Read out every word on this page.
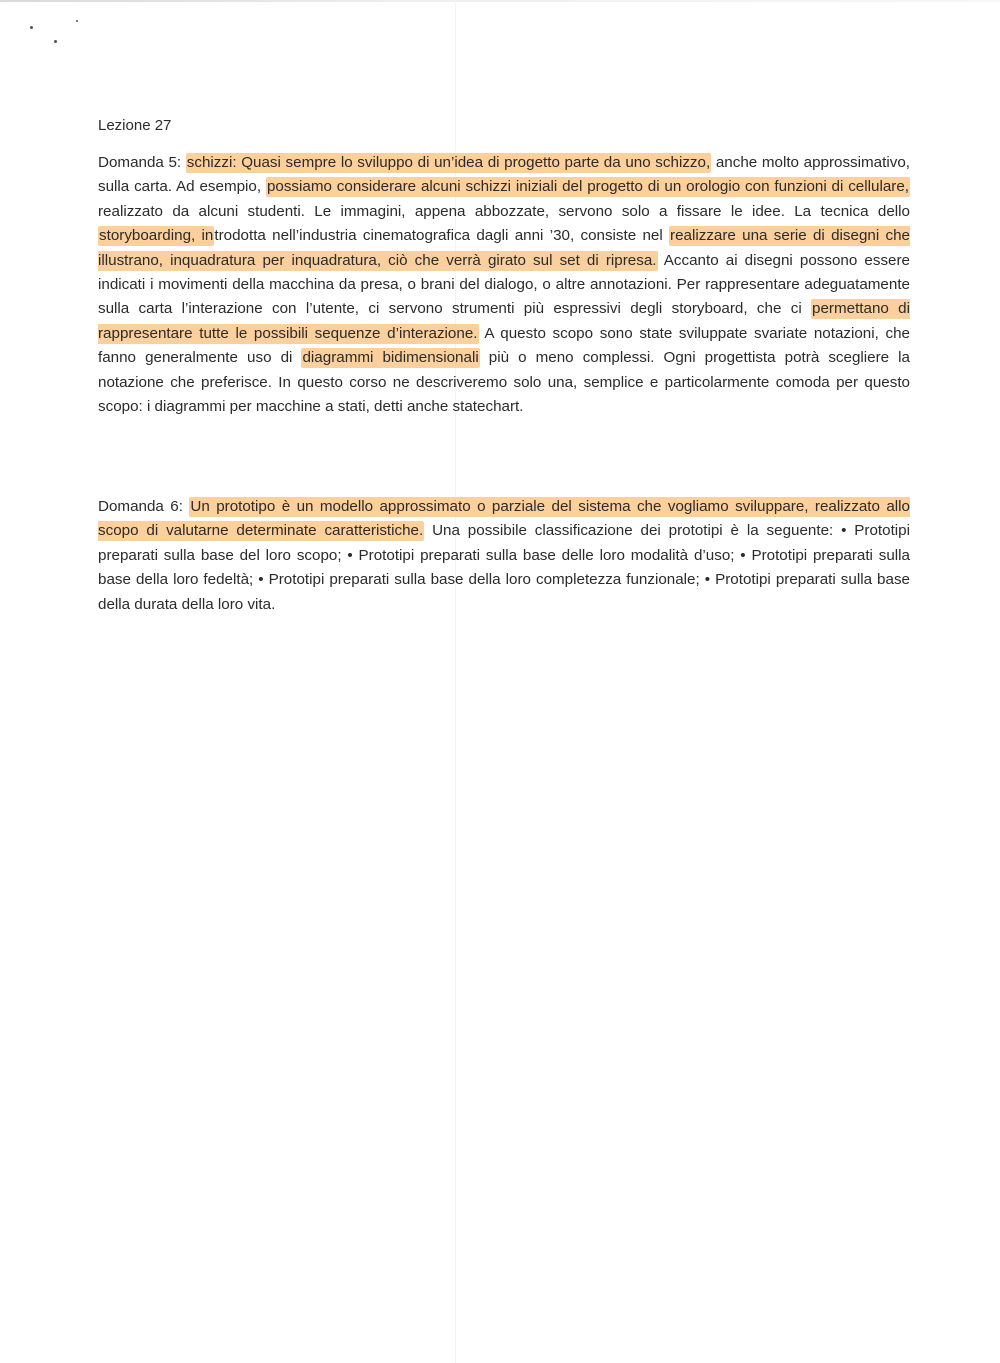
Lezione 27

Domanda 5: schizzi: Quasi sempre lo sviluppo di un’idea di progetto parte da uno schizzo, anche molto approssimativo, sulla carta. Ad esempio, possiamo considerare alcuni schizzi iniziali del progetto di un orologio con funzioni di cellulare, realizzato da alcuni studenti. Le immagini, appena abbozzate, servono solo a fissare le idee. La tecnica dello storyboarding, introdotta nell’industria cinematografica dagli anni ’30, consiste nel realizzare una serie di disegni che illustrano, inquadratura per inquadratura, ciò che verrà girato sul set di ripresa. Accanto ai disegni possono essere indicati i movimenti della macchina da presa, o brani del dialogo, o altre annotazioni. Per rappresentare adeguatamente sulla carta l’interazione con l’utente, ci servono strumenti più espressivi degli storyboard, che ci permettano di rappresentare tutte le possibili sequenze d’interazione. A questo scopo sono state sviluppate svariate notazioni, che fanno generalmente uso di diagrammi bidimensionali più o meno complessi. Ogni progettista potrà scegliere la notazione che preferisce. In questo corso ne descriveremo solo una, semplice e particolarmente comoda per questo scopo: i diagrammi per macchine a stati, detti anche statechart.

Domanda 6: Un prototipo è un modello approssimato o parziale del sistema che vogliamo sviluppare, realizzato allo scopo di valutarne determinate caratteristiche. Una possibile classificazione dei prototipi è la seguente: • Prototipi preparati sulla base del loro scopo; • Prototipi preparati sulla base delle loro modalità d’uso; • Prototipi preparati sulla base della loro fedeltà; • Prototipi preparati sulla base della loro completezza funzionale; • Prototipi preparati sulla base della durata della loro vita.
